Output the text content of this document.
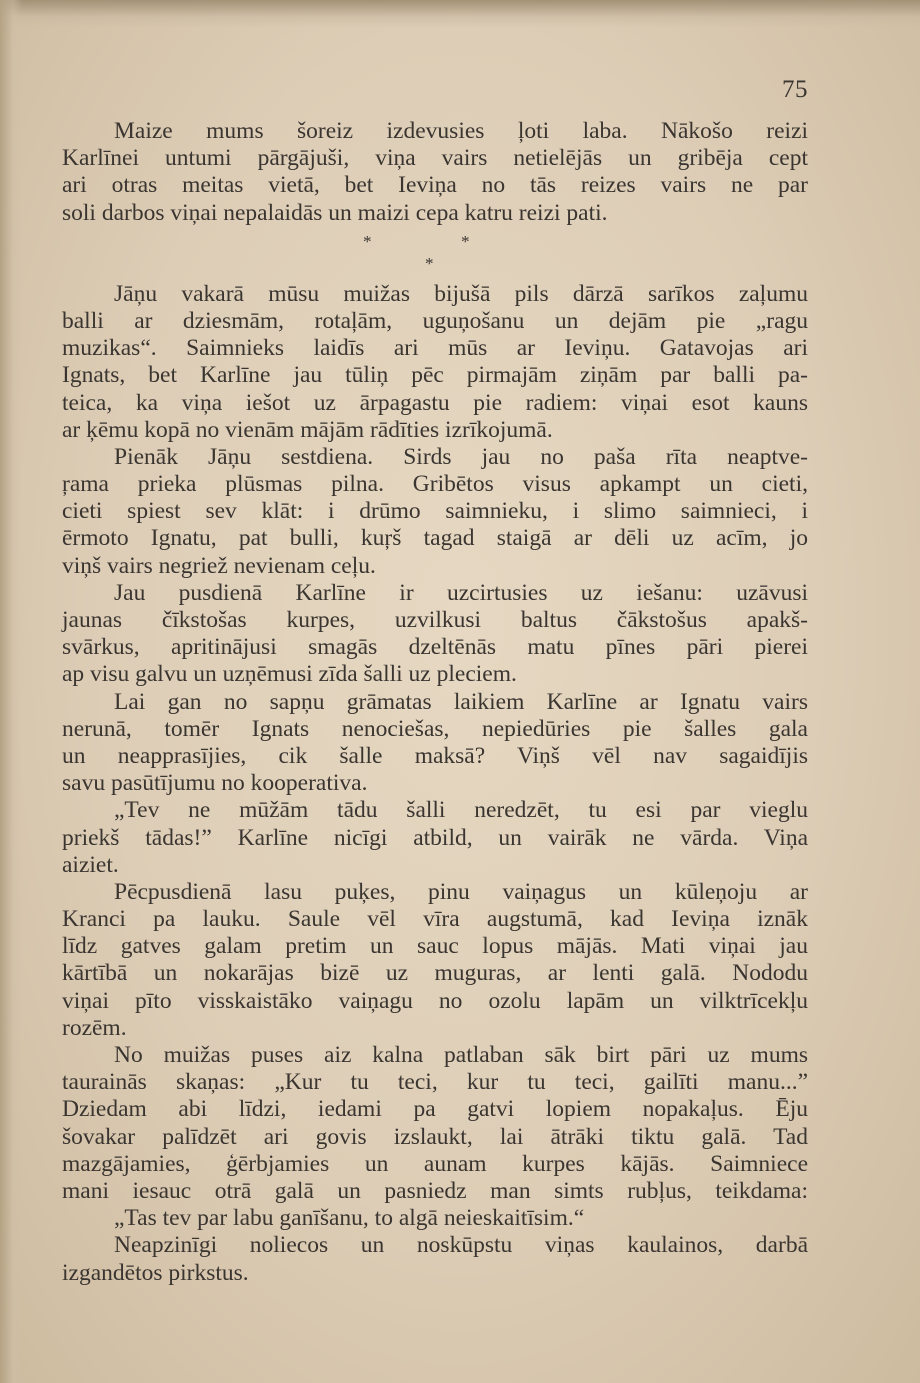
75
Maize mums šoreiz izdevusies ļoti laba. Nākošo reizi
Karlīnei untumi pārgājuši, viņa vairs netielējās un gribēja cept
ari otras meitas vietā, bet Ieviņa no tās reizes vairs ne par
soli darbos viņai nepalaidās un maizi cepa katru reizi pati.
*	*
*
Jāņu vakarā mūsu muižas bijušā pils dārzā sarīkos zaļumu
balli ar dziesmām, rotaļām, uguņošanu un dejām pie „ragu
muzikas“. Saimnieks laidīs ari mūs ar Ieviņu. Gatavojas ari
Ignats, bet Karlīne jau tūliņ pēc pirmajām ziņām par balli pa-
teica, ka viņa iešot uz ārpagastu pie radiem: viņai esot kauns
ar ķēmu kopā no vienām mājām rādīties izrīkojumā.
Pienāk Jāņu sestdiena. Sirds jau no paša rīta neaptve-
ŗama prieka plūsmas pilna. Gribētos visus apkampt un cieti,
cieti spiest sev klāt: i drūmo saimnieku, i slimo saimnieci, i
ērmoto Ignatu, pat bulli, kuŗš tagad staigā ar dēli uz acīm, jo
viņš vairs negriež nevienam ceļu.
Jau pusdienā Karlīne ir uzcirtusies uz iešanu: uzāvusi
jaunas čīkstošas kurpes, uzvilkusi baltus čākstošus apakš-
svārkus, apritinājusi smagās dzeltēnās matu pīnes pāri pierei
ap visu galvu un uzņēmusi zīda šalli uz pleciem.
Lai gan no sapņu grāmatas laikiem Karlīne ar Ignatu vairs
nerunā, tomēr Ignats nenociešas, nepiedūries pie šalles gala
un neapprasījies, cik šalle maksā? Viņš vēl nav sagaidījis
savu pasūtījumu no kooperativa.
„Tev ne mūžām tādu šalli neredzēt, tu esi par vieglu
priekš tādas!” Karlīne nicīgi atbild, un vairāk ne vārda. Viņa
aiziet.
Pēcpusdienā lasu puķes, pinu vaiņagus un kūleņoju ar
Kranci pa lauku. Saule vēl vīra augstumā, kad Ieviņa iznāk
līdz gatves galam pretim un sauc lopus mājās. Mati viņai jau
kārtībā un nokarājas bizē uz muguras, ar lenti galā. Nododu
viņai pīto visskaistāko vaiņagu no ozolu lapām un vilktrīcekļu
rozēm.
No muižas puses aiz kalna patlaban sāk birt pāri uz mums
taurainās skaņas: „Kur tu teci, kur tu teci, gailīti manu...”
Dziedam abi līdzi, iedami pa gatvi lopiem nopakaļus. Ēju
šovakar palīdzēt ari govis izslaukt, lai ātrāki tiktu galā. Tad
mazgājamies, ģērbjamies un aunam kurpes kājās. Saimniece
mani iesauc otrā galā un pasniedz man simts rubļus, teikdama:
„Tas tev par labu ganīšanu, to algā neieskaitīsim.“
Neapzinīgi noliecos un noskūpstu viņas kaulainos, darbā
izgandētos pirkstus.
